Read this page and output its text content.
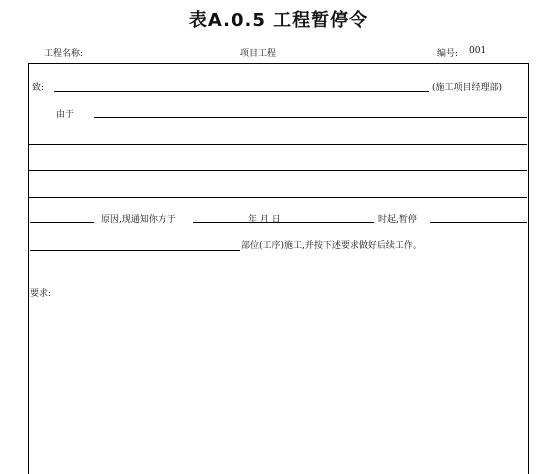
表A.0.5 工程暂停令
工程名称:	项目工程	编号: 001
致:	(施工项目经理部)
由于
原因,现通知你方于	年 月 日	时起,暂停
部位(工序)施工,并按下述要求做好后续工作。
要求:
